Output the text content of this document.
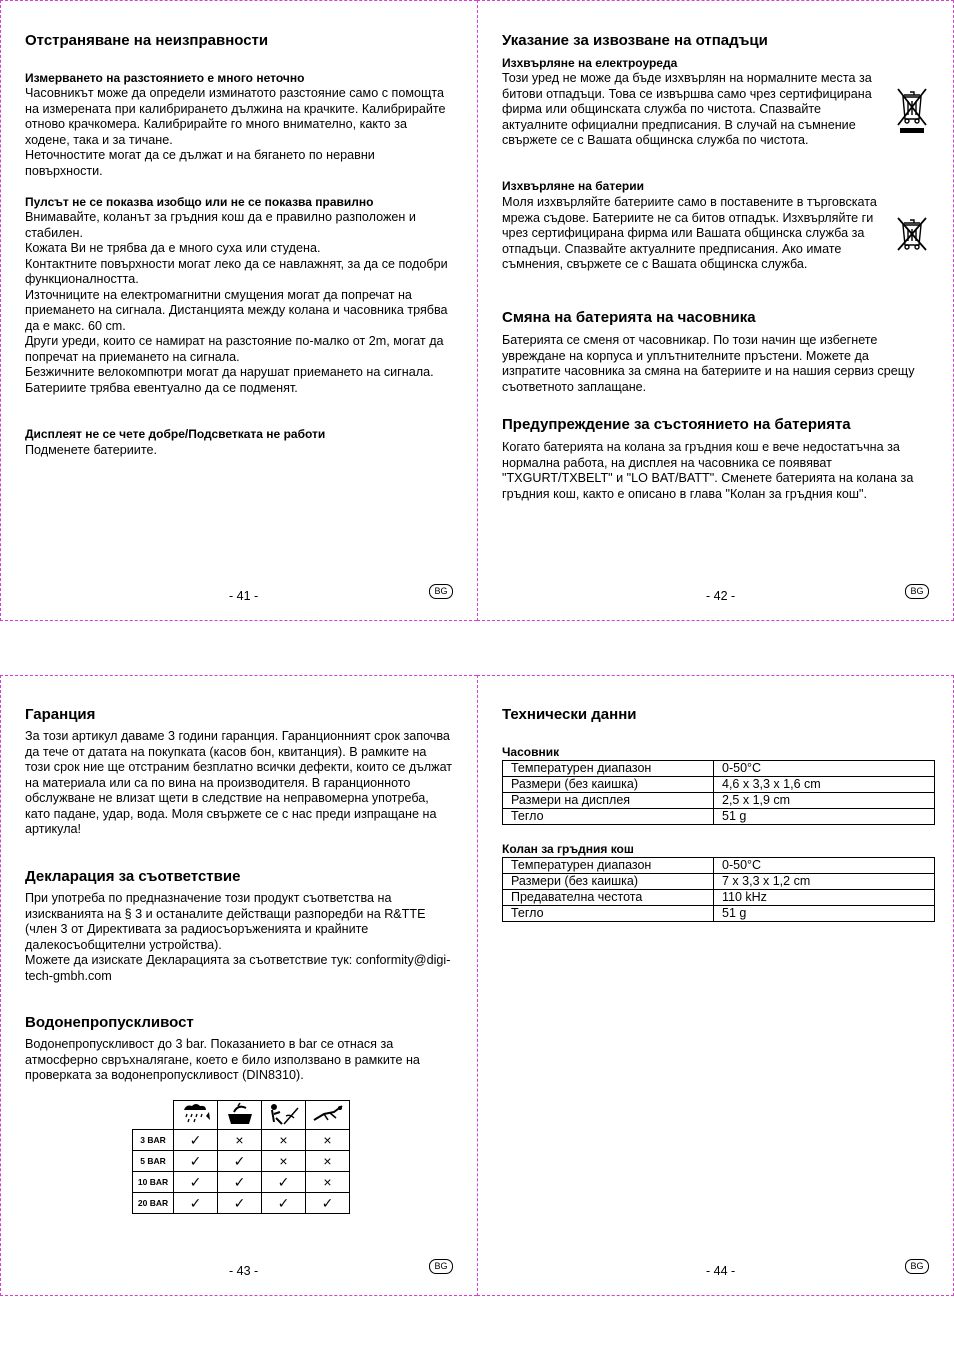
Отстраняване на неизправности
Измерването на разстоянието е много неточно

Часовникът може да определи изминатото разстояние само с помощта на измерената при калибрирането дължина на крачките. Калибрирайте отново крачкомера. Калибрирайте го много внимателно, както за ходене, така и за тичане.
Неточностите могат да се дължат и на бягането по неравни повърхности.

Пулсът не се показва изобщо или не се показва правилно

Внимавайте, коланът за гръдния кош да е правилно разположен и стабилен.
Кожата Ви не трябва да е много суха или студена.
Контактните повърхности могат леко да се навлажнят, за да се подобри функционалността.
Източниците на електромагнитни смущения могат да попречат на приемането на сигнала. Дистанцията между колана и часовника трябва да е макс. 60 cm.
Други уреди, които се намират на разстояние по-малко от 2m, могат да попречат на приемането на сигнала.
Безжичните велокомпютри могат да нарушат приемането на сигнала.
Батериите трябва евентуално да се подменят.

Дисплеят не се чете добре/Подсветката не работи

Подменете батериите.

- 41 -	BG
Указание за извозване на отпадъци
Изхвърляне на електроуреда

Този уред не може да бъде изхвърлян на нормалните места за битови отпадъци. Това се извършва само чрез сертифицирана фирма или общинската служба по чистота. Спазвайте актуалните официални предписания. В случай на съмнение свържете се с Вашата общинска служба по чистота.

Изхвърляне на батерии

Моля изхвърляйте батериите само в поставените в търговската мрежа съдове. Батериите не са битов отпадък. Изхвърляйте ги чрез сертифицирана фирма или Вашата общинска служба за отпадъци. Спазвайте актуалните предписания. Ако имате съмнения, свържете се с Вашата общинска служба.

Смяна на батерията на часовника

Батерията се сменя от часовникар. По този начин ще избегнете увреждане на корпуса и уплътнителните пръстени. Можете да изпратите часовника за смяна на батериите и на нашия сервиз срещу съответното заплащане.

Предупреждение за състоянието на батерията

Когато батерията на колана за гръдния кош е вече недостатъчна за нормална работа, на дисплея на часовника се появяват "TXGURT/TXBELT" и "LO BAT/BATT". Сменете батерията на колана за гръдния кош, както е описано в глава "Колан за гръдния кош".

- 42 -	BG
Гаранция

За този артикул даваме 3 години гаранция. Гаранционният срок започва да тече от датата на покупката (касов бон, квитанция). В рамките на този срок ние ще отстраним безплатно всички дефекти, които се дължат на материала или са по вина на производителя. В гаранционното обслужване не влизат щети в следствие на неправомерна употреба, като падане, удар, вода. Моля свържете се с нас преди изпращане на артикула!

Декларация за съответствие

При употреба по предназначение този продукт съответства на изискванията на § 3 и останалите действащи разпоредби на R&TTE (член 3 от Директивата за радиосъоръженията и крайните далекосъобщителни устройства).
Можете да изискате Декларацията за съответствие тук: conformity@digi-tech-gmbh.com

Водонепропускливост

Водонепропускливост до 3 bar. Показанието в bar се отнася за атмосферно свръхналягане, което е било използвано в рамките на проверката за водонепропускливост (DIN8310).

3 BAR	✓	×	×	×
5 BAR	✓	✓	×	×
10 BAR	✓	✓	✓	×
20 BAR	✓	✓	✓	✓
- 43 -	BG
Технически данни
Часовник
Температурен диапазон	0-50°C
Размери (без каишка)	4,6 x 3,3 x 1,6 cm
Размери на дисплея	2,5 x 1,9 cm
Тегло	51 g
Колан за гръдния кош
Температурен диапазон	0-50°C
Размери (без каишка)	7 x 3,3 x 1,2 cm
Предавателна честота	110 kHz
Тегло	51 g
- 44 -	BG
